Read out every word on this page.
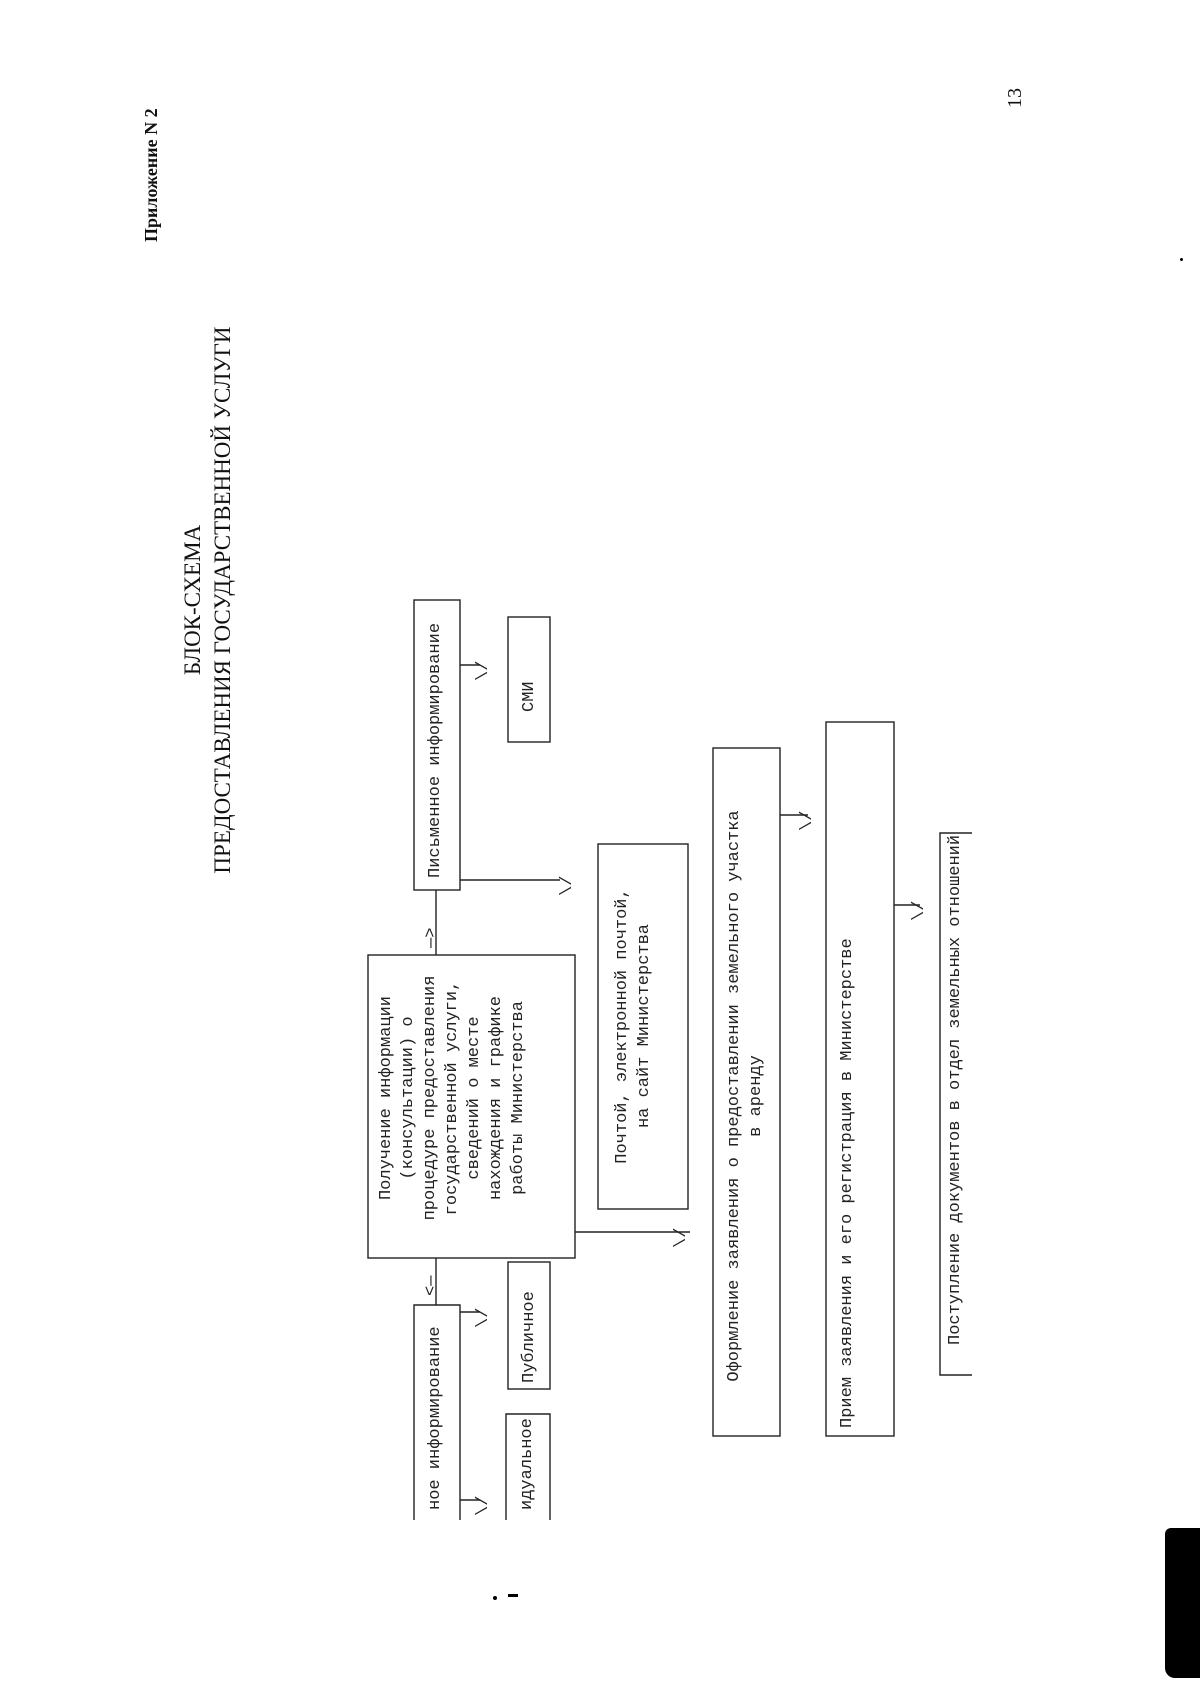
Приложение N 2
13
БЛОК-СХЕМА ПРЕДОСТАВЛЕНИЯ ГОСУДАРСТВЕННОЙ УСЛУГИ
Получение информации
(консультации) о
процедуре предоставления
государственной услуги,
сведений о месте
нахождения и графике
работы Министерства
Письменное информирование
ное информирование
СМИ
Публичное
идуальное
Почтой, электронной почтой,
на сайт Министерства
Оформление заявления о предоставлении земельного участка
в аренду	Прием заявления и его регистрация в Министерстве	Поступление документов в отдел земельных отношений
—>
<—
\/
\/
\/
\/
\/
\/
\/
